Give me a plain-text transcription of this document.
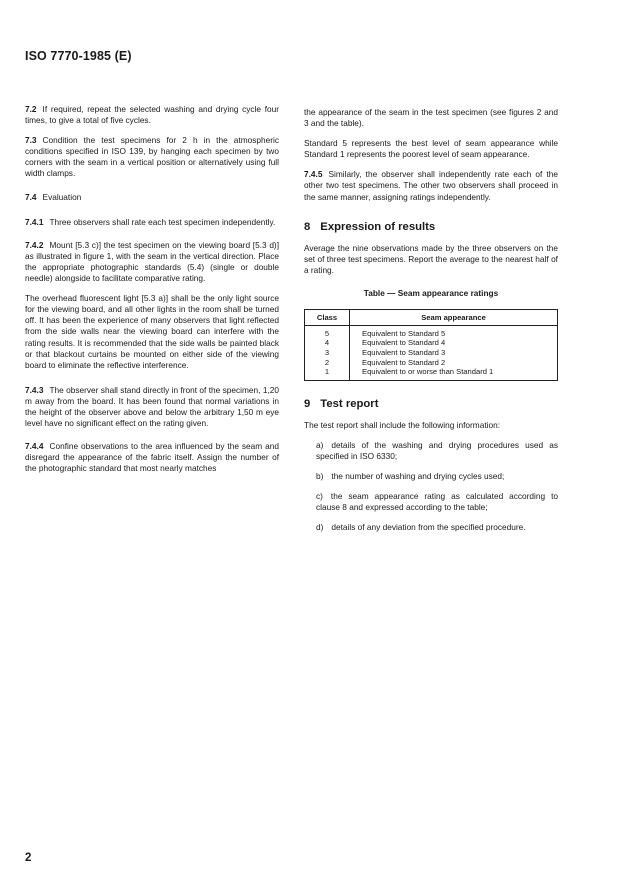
ISO 7770-1985 (E)

7.2 If required, repeat the selected washing and drying cycle four times, to give a total of five cycles.

7.3 Condition the test specimens for 2 h in the atmospheric conditions specified in ISO 139, by hanging each specimen by two corners with the seam in a vertical position or alternatively using full width clamps.

7.4 Evaluation

7.4.1 Three observers shall rate each test specimen independently.

7.4.2 Mount [5.3 c)] the test specimen on the viewing board [5.3 d)] as illustrated in figure 1, with the seam in the vertical direction. Place the appropriate photographic standards (5.4) (single or double needle) alongside to facilitate comparative rating.

The overhead fluorescent light [5.3 a)] shall be the only light source for the viewing board, and all other lights in the room shall be turned off. It has been the experience of many observers that light reflected from the side walls near the viewing board can interfere with the rating results. It is recommended that the side walls be painted black or that blackout curtains be mounted on either side of the viewing board to eliminate the reflective interference.

7.4.3 The observer shall stand directly in front of the specimen, 1,20 m away from the board. It has been found that normal variations in the height of the observer above and below the arbitrary 1,50 m eye level have no significant effect on the rating given.

7.4.4 Confine observations to the area influenced by the seam and disregard the appearance of the fabric itself. Assign the number of the photographic standard that most nearly matches

the appearance of the seam in the test specimen (see figures 2 and 3 and the table).

Standard 5 represents the best level of seam appearance while Standard 1 represents the poorest level of seam appearance.

7.4.5 Similarly, the observer shall independently rate each of the other two test specimens. The other two observers shall proceed in the same manner, assigning ratings independently.

8 Expression of results

Average the nine observations made by the three observers on the set of three test specimens. Report the average to the nearest half of a rating.

Table — Seam appearance ratings
Class	Seam appearance
5	Equivalent to Standard 5
4	Equivalent to Standard 4
3	Equivalent to Standard 3
2	Equivalent to Standard 2
1	Equivalent to or worse than Standard 1
9 Test report

The test report shall include the following information:

a) details of the washing and drying procedures used as specified in ISO 6330;

b) the number of washing and drying cycles used;

c) the seam appearance rating as calculated according to clause 8 and expressed according to the table;

d) details of any deviation from the specified procedure.

2
